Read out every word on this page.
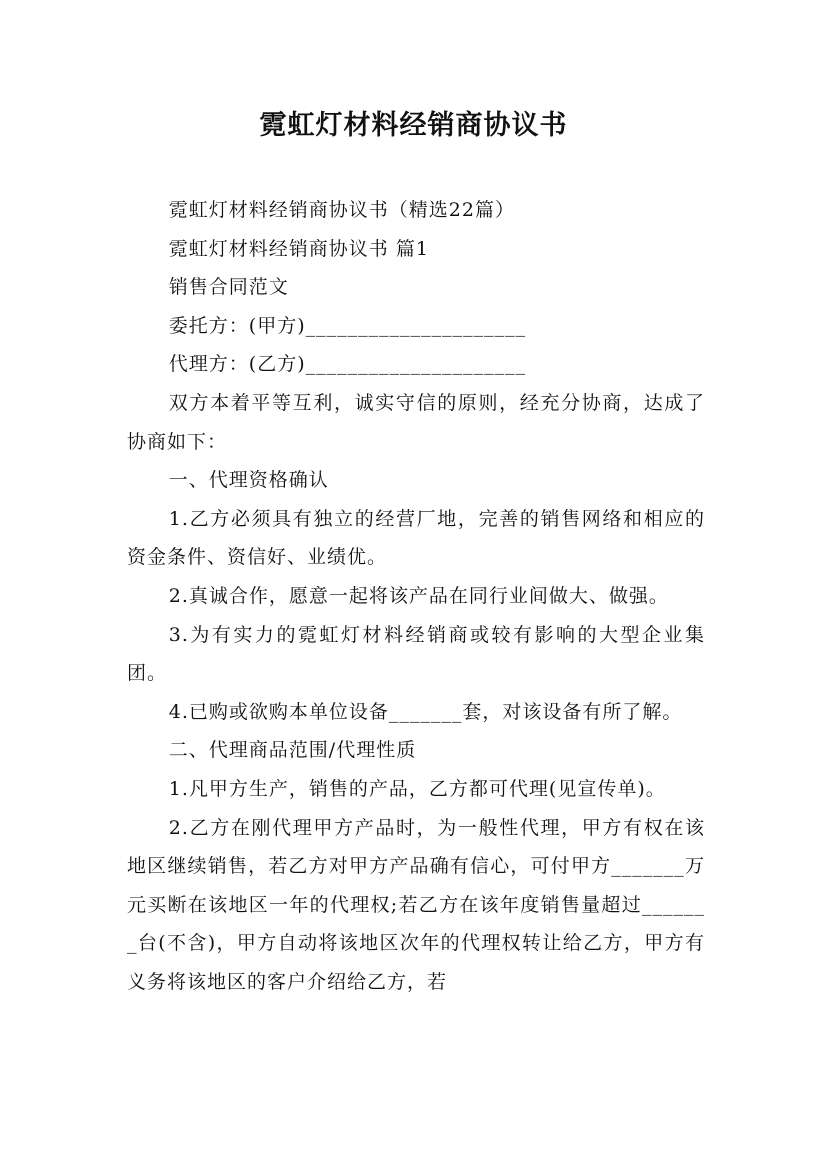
霓虹灯材料经销商协议书

霓虹灯材料经销商协议书（精选22篇）

霓虹灯材料经销商协议书 篇1

销售合同范文

委托方：(甲方)_____________________

代理方：(乙方)_____________________

双方本着平等互利，诚实守信的原则，经充分协商，达成了协商如下：

一、代理资格确认

1.乙方必须具有独立的经营厂地，完善的销售网络和相应的资金条件、资信好、业绩优。

2.真诚合作，愿意一起将该产品在同行业间做大、做强。

3.为有实力的霓虹灯材料经销商或较有影响的大型企业集团。

4.已购或欲购本单位设备_______套，对该设备有所了解。

二、代理商品范围/代理性质

1.凡甲方生产，销售的产品，乙方都可代理(见宣传单)。

2.乙方在刚代理甲方产品时，为一般性代理，甲方有权在该地区继续销售，若乙方对甲方产品确有信心，可付甲方_______万元买断在该地区一年的代理权;若乙方在该年度销售量超过_______台(不含)，甲方自动将该地区次年的代理权转让给乙方，甲方有义务将该地区的客户介绍给乙方，若
